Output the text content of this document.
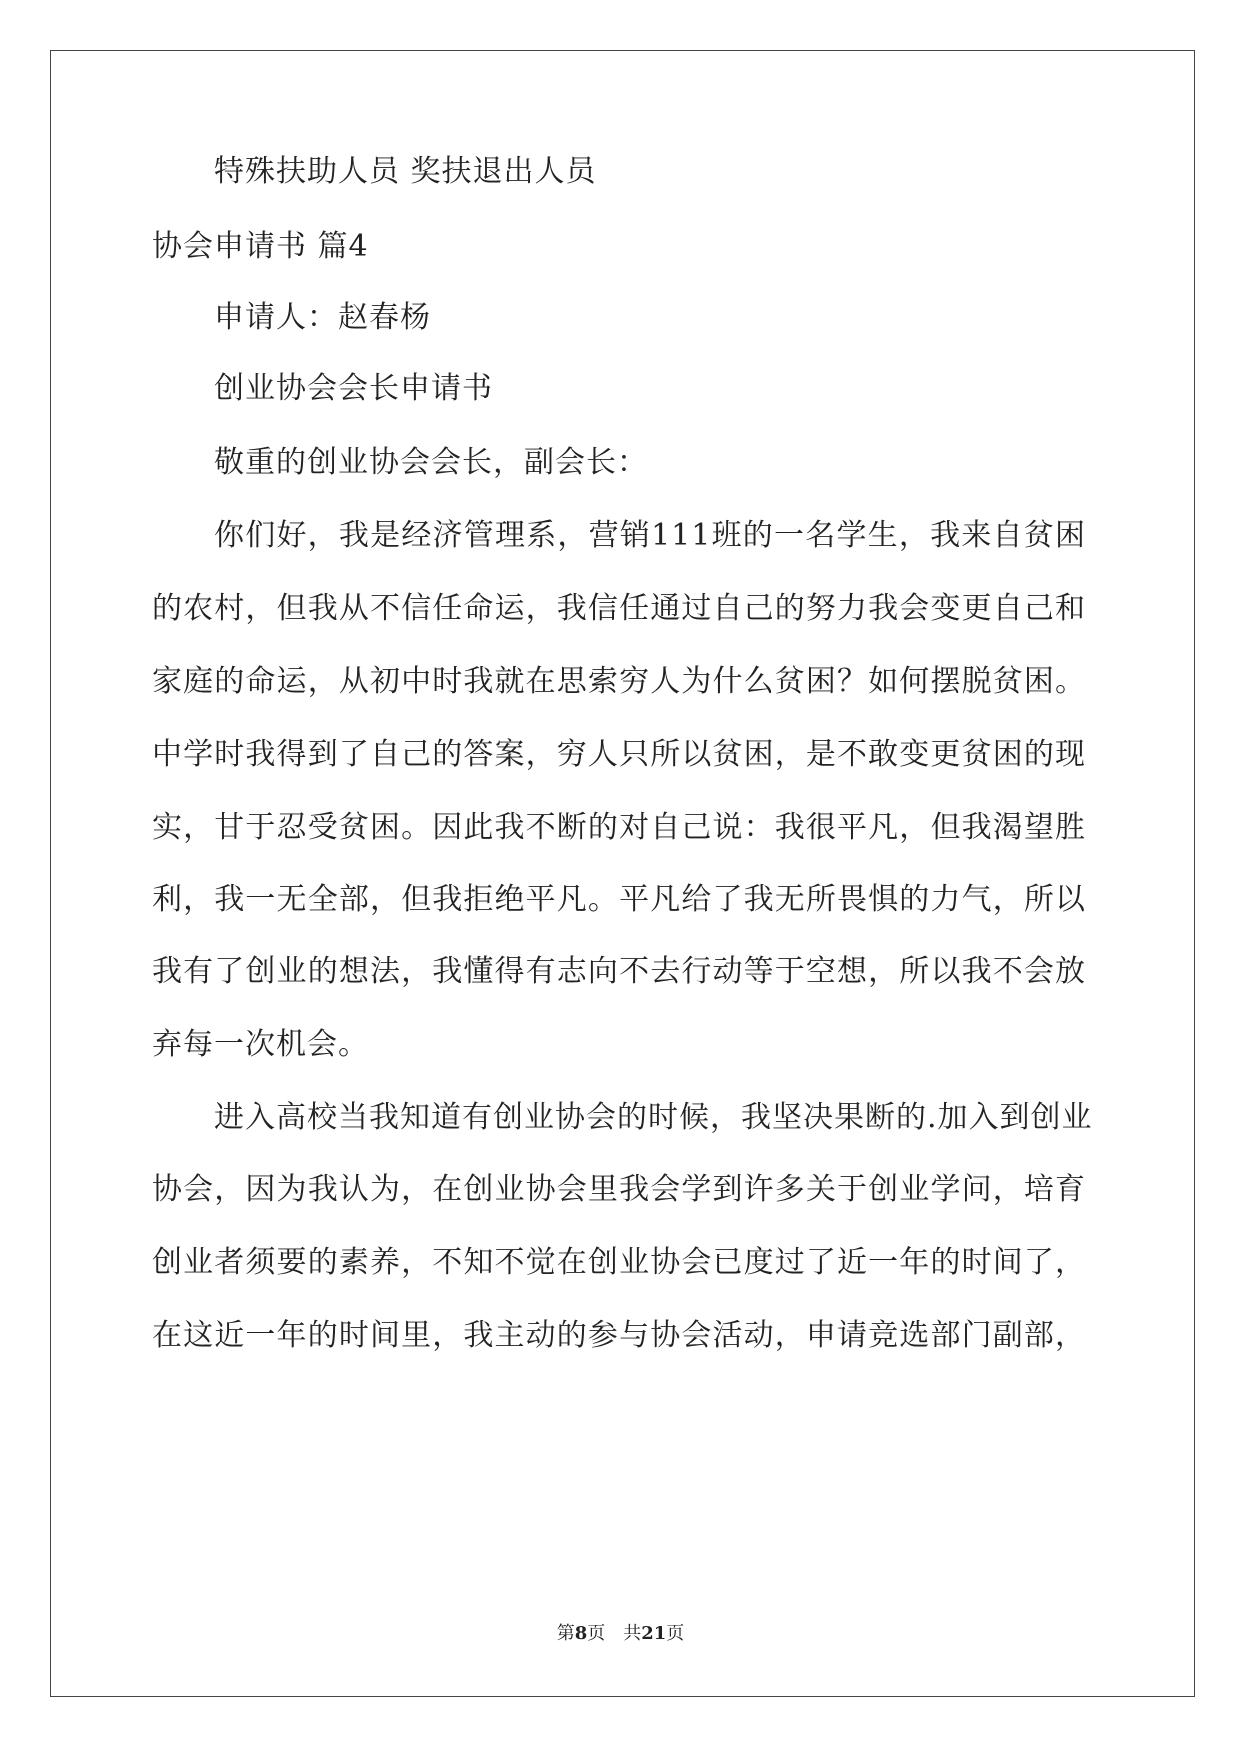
特殊扶助人员 奖扶退出人员
协会申请书 篇4
申请人：赵春杨
创业协会会长申请书
敬重的创业协会会长，副会长：
你们好，我是经济管理系，营销111班的一名学生，我来自贫困
的农村，但我从不信任命运，我信任通过自己的努力我会变更自己和
家庭的命运，从初中时我就在思索穷人为什么贫困？如何摆脱贫困。
中学时我得到了自己的答案，穷人只所以贫困，是不敢变更贫困的现
实，甘于忍受贫困。因此我不断的对自己说：我很平凡，但我渴望胜
利，我一无全部，但我拒绝平凡。平凡给了我无所畏惧的力气，所以
我有了创业的想法，我懂得有志向不去行动等于空想，所以我不会放
弃每一次机会。
进入高校当我知道有创业协会的时候，我坚决果断的.加入到创业
协会，因为我认为，在创业协会里我会学到许多关于创业学问，培育
创业者须要的素养，不知不觉在创业协会已度过了近一年的时间了，
在这近一年的时间里，我主动的参与协会活动，申请竞选部门副部，
第8页 共21页
